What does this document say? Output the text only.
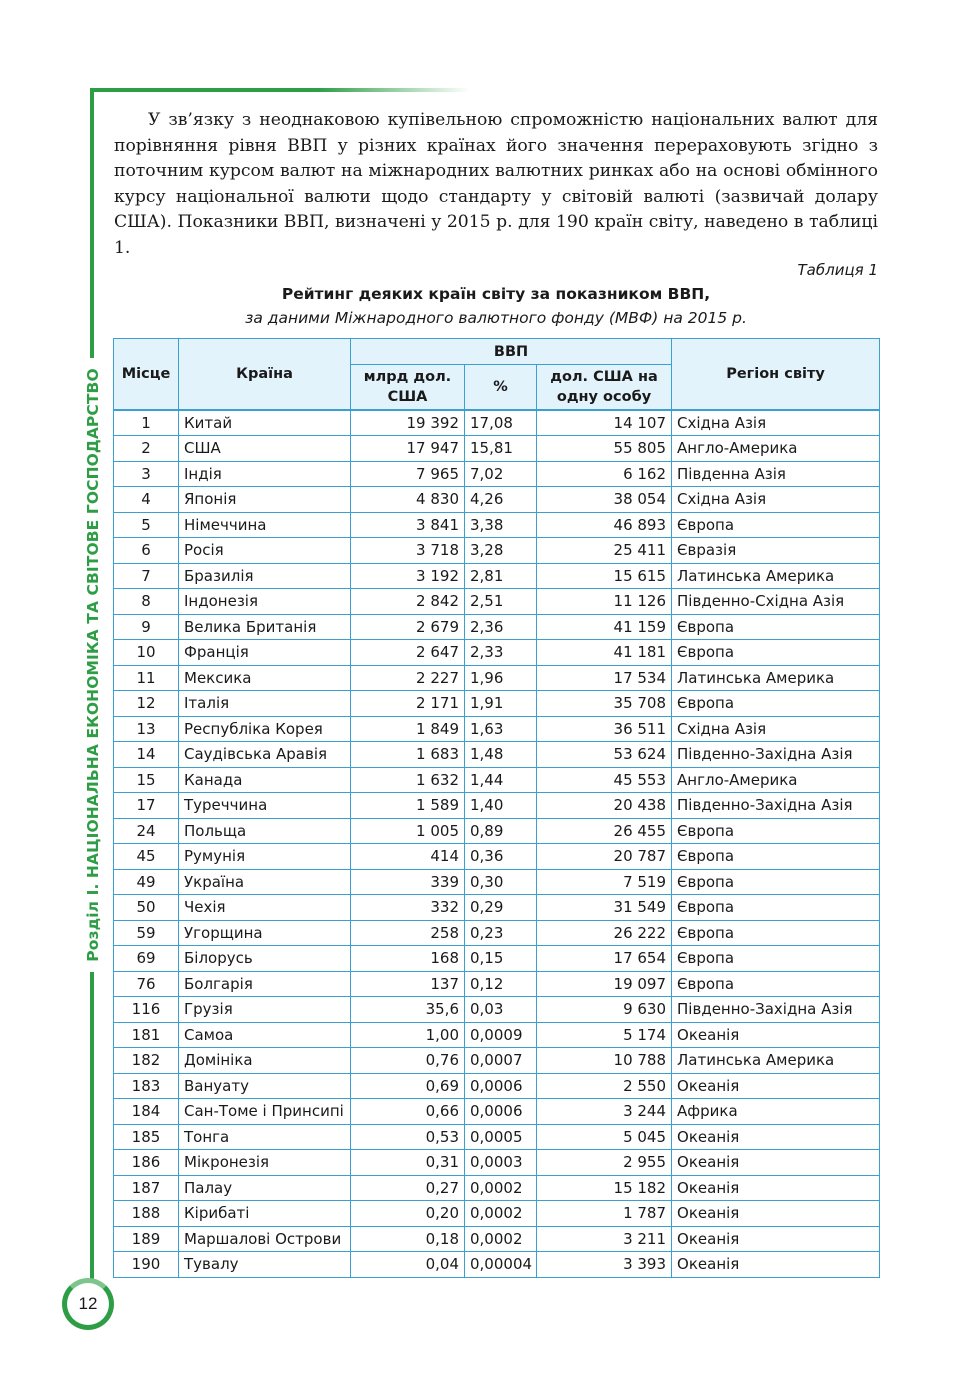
Розділ І. НАЦІОНАЛЬНА ЕКОНОМІКА ТА СВІТОВЕ ГОСПОДАРСТВО
12

У зв’язку з неоднаковою купівельною спроможністю національних валют для порівняння рівня ВВП у різних країнах його значення перераховують згідно з поточним курсом валют на міжнародних валютних ринках або на основі обмінного курсу національної валюти щодо стандарту у світовій валюті (зазвичай долару США). Показники ВВП, визначені у 2015 р. для 190 країн світу, наведено в таблиці 1.

Таблиця 1
Рейтинг деяких країн світу за показником ВВП,
за даними Міжнародного валютного фонду (МВФ) на 2015 р.
Місце	Країна	ВВП			Регіон світу
		млрд дол. США	%	дол. США на одну особу	
1	Китай	19 392	17,08	14 107	Східна Азія
2	США	17 947	15,81	55 805	Англо-Америка
3	Індія	7 965	7,02	6 162	Південна Азія
4	Японія	4 830	4,26	38 054	Східна Азія
5	Німеччина	3 841	3,38	46 893	Європа
6	Росія	3 718	3,28	25 411	Євразія
7	Бразилія	3 192	2,81	15 615	Латинська Америка
8	Індонезія	2 842	2,51	11 126	Південно-Східна Азія
9	Велика Британія	2 679	2,36	41 159	Європа
10	Франція	2 647	2,33	41 181	Європа
11	Мексика	2 227	1,96	17 534	Латинська Америка
12	Італія	2 171	1,91	35 708	Європа
13	Республіка Корея	1 849	1,63	36 511	Східна Азія
14	Саудівська Аравія	1 683	1,48	53 624	Південно-Західна Азія
15	Канада	1 632	1,44	45 553	Англо-Америка
17	Туреччина	1 589	1,40	20 438	Південно-Західна Азія
24	Польща	1 005	0,89	26 455	Європа
45	Румунія	414	0,36	20 787	Європа
49	Україна	339	0,30	7 519	Європа
50	Чехія	332	0,29	31 549	Європа
59	Угорщина	258	0,23	26 222	Європа
69	Білорусь	168	0,15	17 654	Європа
76	Болгарія	137	0,12	19 097	Європа
116	Грузія	35,6	0,03	9 630	Південно-Західна Азія
181	Самоа	1,00	0,0009	5 174	Океанія
182	Домініка	0,76	0,0007	10 788	Латинська Америка
183	Вануату	0,69	0,0006	2 550	Океанія
184	Сан-Томе і Принсипі	0,66	0,0006	3 244	Африка
185	Тонга	0,53	0,0005	5 045	Океанія
186	Мікронезія	0,31	0,0003	2 955	Океанія
187	Палау	0,27	0,0002	15 182	Океанія
188	Кірибаті	0,20	0,0002	1 787	Океанія
189	Маршалові Острови	0,18	0,0002	3 211	Океанія
190	Тувалу	0,04	0,00004	3 393	Океанія
